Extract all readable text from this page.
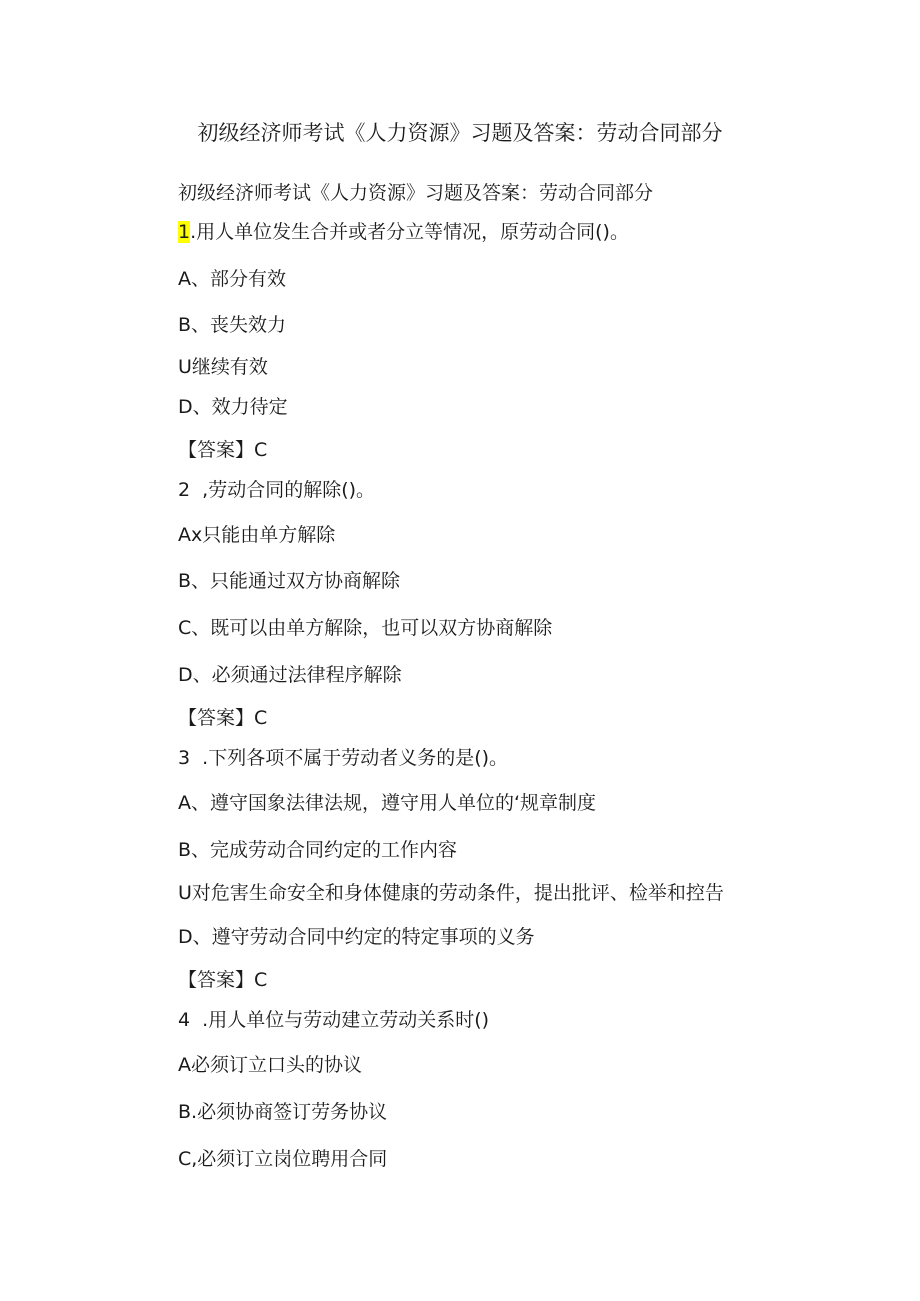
初级经济师考试《人力资源》习题及答案：劳动合同部分
初级经济师考试《人力资源》习题及答案：劳动合同部分
1.用人单位发生合并或者分立等情况，原劳动合同()。
A、部分有效
B、丧失效力
U继续有效
D、效力待定
【答案】C
2  ,劳动合同的解除()。
Ax只能由单方解除
B、只能通过双方协商解除
C、既可以由单方解除，也可以双方协商解除
D、必须通过法律程序解除
【答案】C
3  .下列各项不属于劳动者义务的是()。
A、遵守国象法律法规，遵守用人单位的‘规章制度
B、完成劳动合同约定的工作内容
U对危害生命安全和身体健康的劳动条件，提出批评、检举和控告
D、遵守劳动合同中约定的特定事项的义务
【答案】C
4  .用人单位与劳动建立劳动关系时()
A必须订立口头的协议
B.必须协商签订劳务协议
C,必须订立岗位聘用合同
